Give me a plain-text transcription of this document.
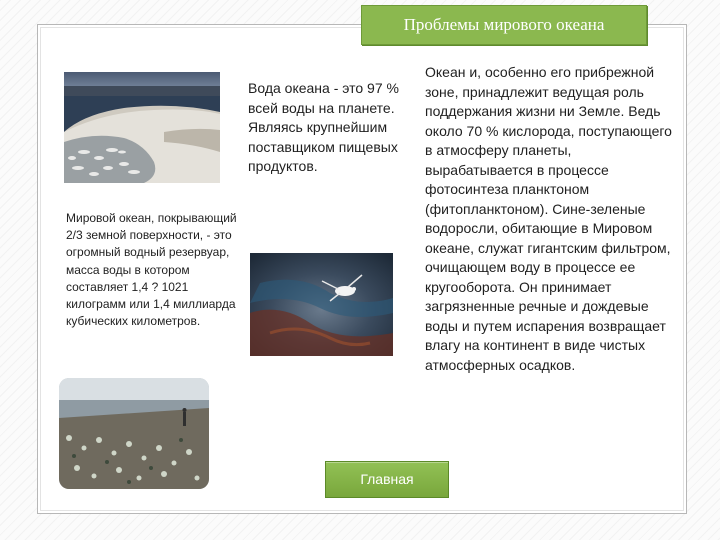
Проблемы мирового океана

Вода океана - это 97 % всей воды на планете. Являясь крупнейшим поставщиком пищевых продуктов.

Мировой океан, покрывающий 2/3 земной поверхности, - это огромный водный резервуар, масса воды в котором составляет 1,4 ? 1021 килограмм или 1,4 миллиарда кубических километров.

Океан и, особенно его прибрежной зоне, принадлежит ведущая роль поддержания жизни ни Земле. Ведь около 70 % кислорода, поступающего в атмосферу планеты, вырабатывается в процессе фотосинтеза планктоном (фитопланктоном). Сине-зеленые водоросли, обитающие в Мировом океане, служат гигантским фильтром, очищающем воду в процессе ее кругооборота. Он принимает загрязненные речные и дождевые воды и путем испарения возвращает влагу на континент в виде чистых атмосферных осадков.

Главная
